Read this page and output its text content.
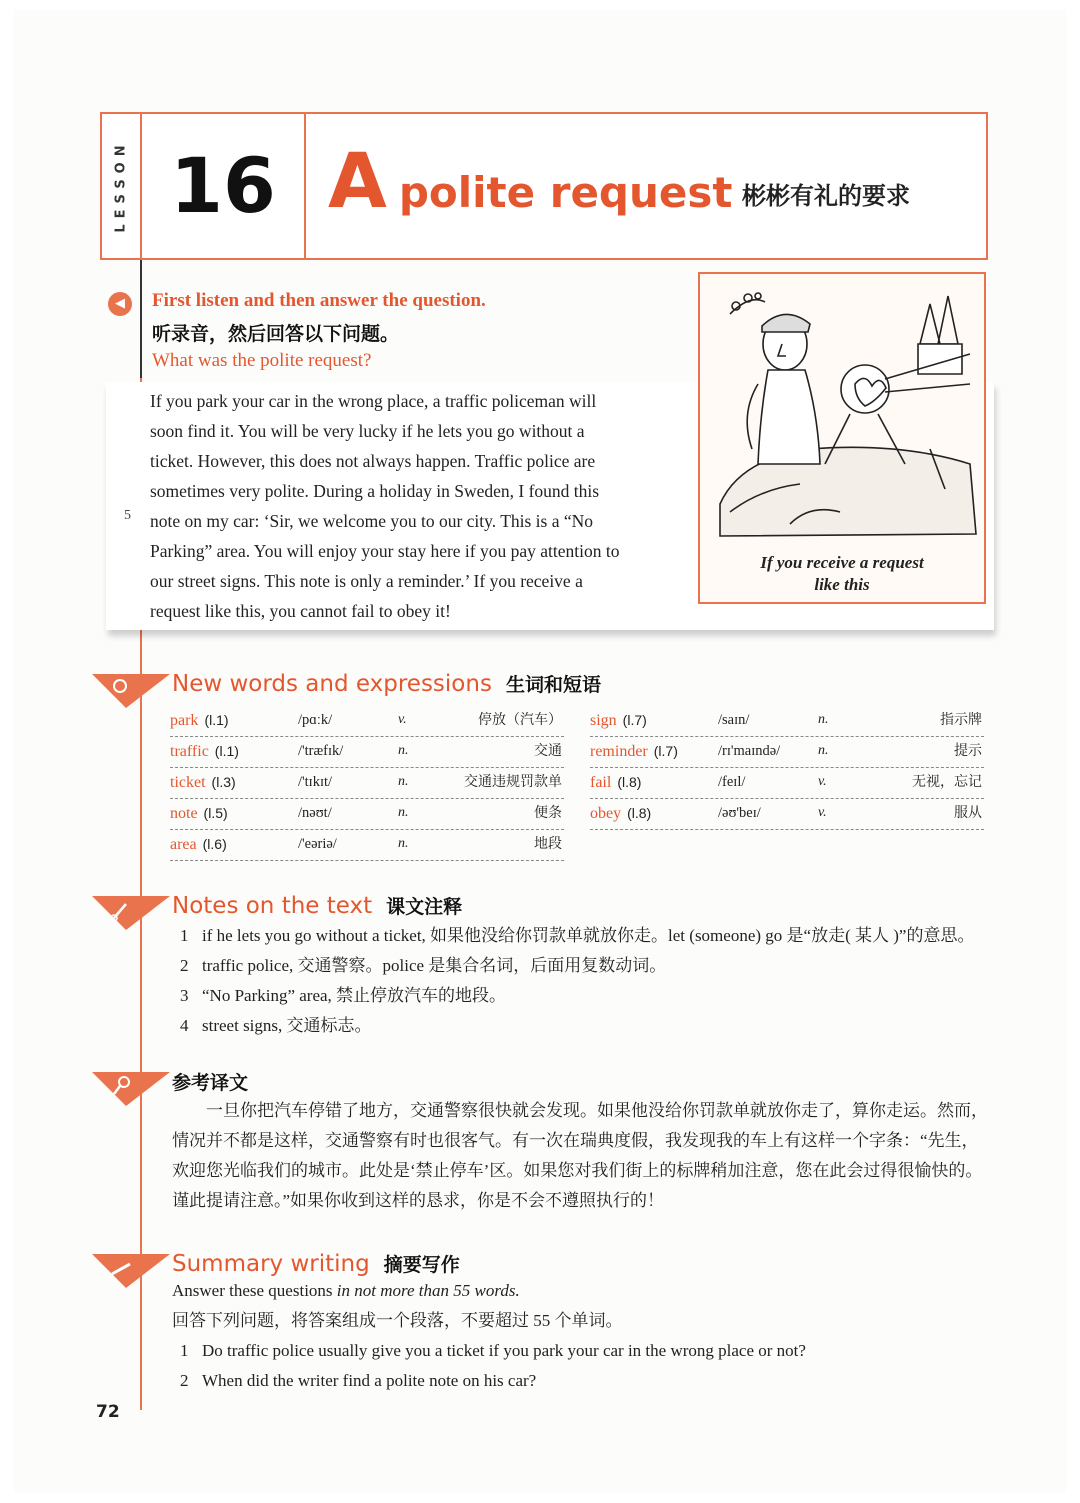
LESSON 16 Apolite request 彬彬有礼的要求
◀	First listen and then answer the question.
听录音，然后回答以下问题。
What was the polite request?
If you park your car in the wrong place, a traffic policeman will
soon find it. You will be very lucky if he lets you go without a
ticket. However, this does not always happen. Traffic police are
sometimes very polite. During a holiday in Sweden, I found this
note on my car: ‘Sir, we welcome you to our city. This is a “No
Parking” area. You will enjoy your stay here if you pay attention to
our street signs. This note is only a reminder.’ If you receive a
request like this, you cannot fail to obey it!
5
If you receive a request
like this
New words and expressions 生词和短语
park (l.1)	/pɑːk/	v.	停放（汽车）
traffic (l.1)	/'træfɪk/	n.	交通
ticket (l.3)	/'tɪkɪt/	n.	交通违规罚款单
note (l.5)	/nəʊt/	n.	便条
area (l.6)	/'eəriə/	n.	地段
sign (l.7)	/saɪn/	n.	指示牌
reminder (l.7)	/rɪ'maɪndə/	n.	提示
fail (l.8)	/feɪl/	v.	无视，忘记
obey (l.8)	/əʊ'beɪ/	v.	服从
Notes on the text 课文注释
1 if he lets you go without a ticket, 如果他没给你罚款单就放你走。let (someone) go 是“放走( 某人 )”的意思。
2 traffic police, 交通警察。police 是集合名词，后面用复数动词。
3 “No Parking” area, 禁止停放汽车的地段。
4 street signs, 交通标志。
参考译文
　　一旦你把汽车停错了地方，交通警察很快就会发现。如果他没给你罚款单就放你走了，算你走运。然而，
情况并不都是这样，交通警察有时也很客气。有一次在瑞典度假，我发现我的车上有这样一个字条：“先生，
欢迎您光临我们的城市。此处是‘禁止停车’区。如果您对我们街上的标牌稍加注意，您在此会过得很愉快的。
谨此提请注意。”如果你收到这样的恳求，你是不会不遵照执行的！
Summary writing 摘要写作
Answer these questions in not more than 55 words.
回答下列问题，将答案组成一个段落，不要超过 55 个单词。
1 Do traffic police usually give you a ticket if you park your car in the wrong place or not?
2 When did the writer find a polite note on his car?
72
